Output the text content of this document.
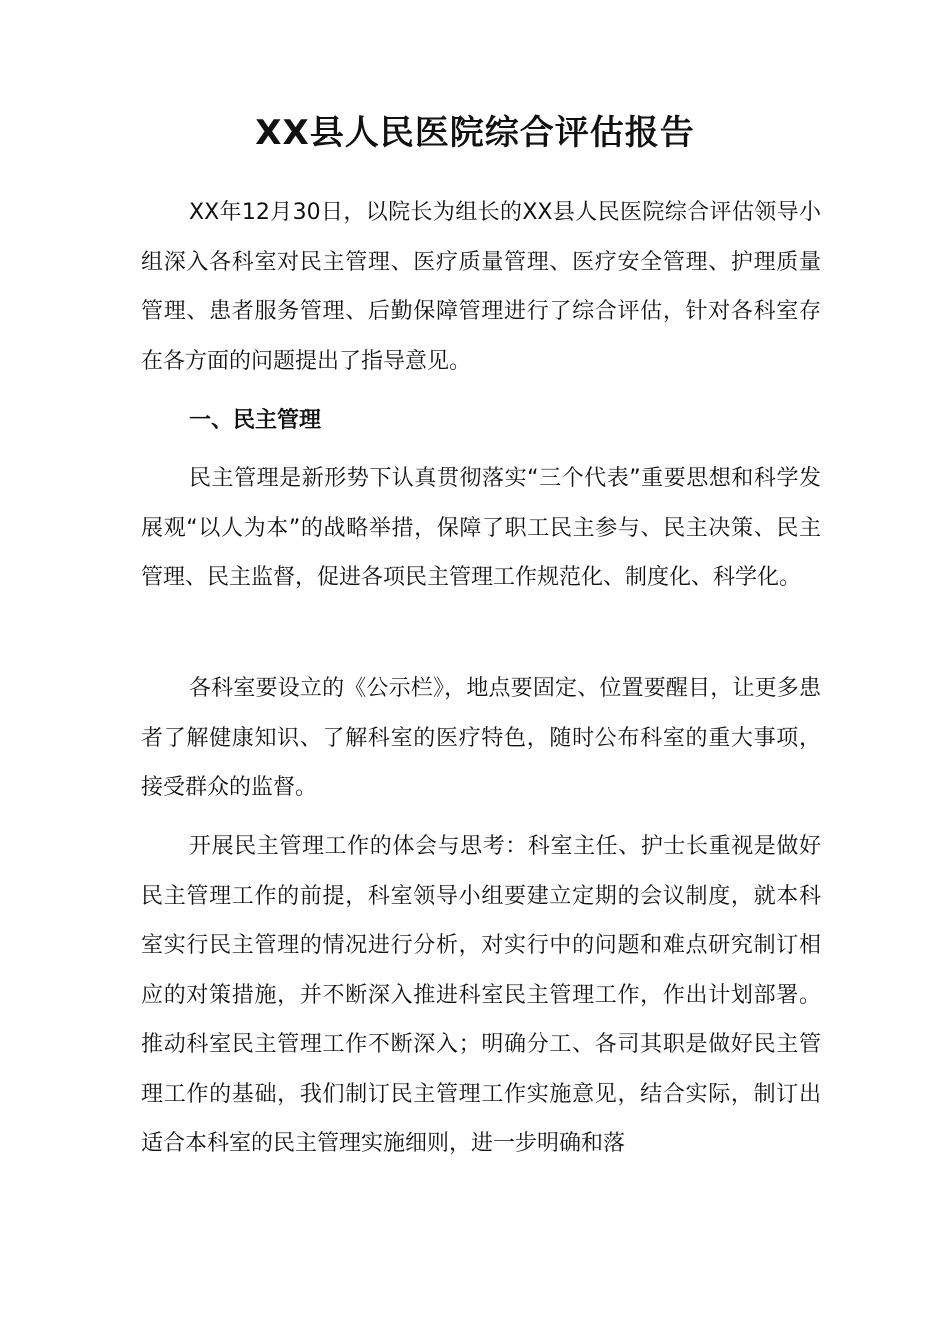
XX县人民医院综合评估报告

XX年12月30日，以院长为组长的XX县人民医院综合评估领导小组深入各科室对民主管理、医疗质量管理、医疗安全管理、护理质量管理、患者服务管理、后勤保障管理进行了综合评估，针对各科室存在各方面的问题提出了指导意见。

一、民主管理

民主管理是新形势下认真贯彻落实“三个代表”重要思想和科学发展观“以人为本”的战略举措，保障了职工民主参与、民主决策、民主管理、民主监督，促进各项民主管理工作规范化、制度化、科学化。

各科室要设立的《公示栏》，地点要固定、位置要醒目，让更多患者了解健康知识、了解科室的医疗特色，随时公布科室的重大事项，接受群众的监督。

开展民主管理工作的体会与思考：科室主任、护士长重视是做好民主管理工作的前提，科室领导小组要建立定期的会议制度，就本科室实行民主管理的情况进行分析，对实行中的问题和难点研究制订相应的对策措施，并不断深入推进科室民主管理工作，作出计划部署。推动科室民主管理工作不断深入；明确分工、各司其职是做好民主管理工作的基础，我们制订民主管理工作实施意见，结合实际，制订出适合本科室的民主管理实施细则，进一步明确和落
